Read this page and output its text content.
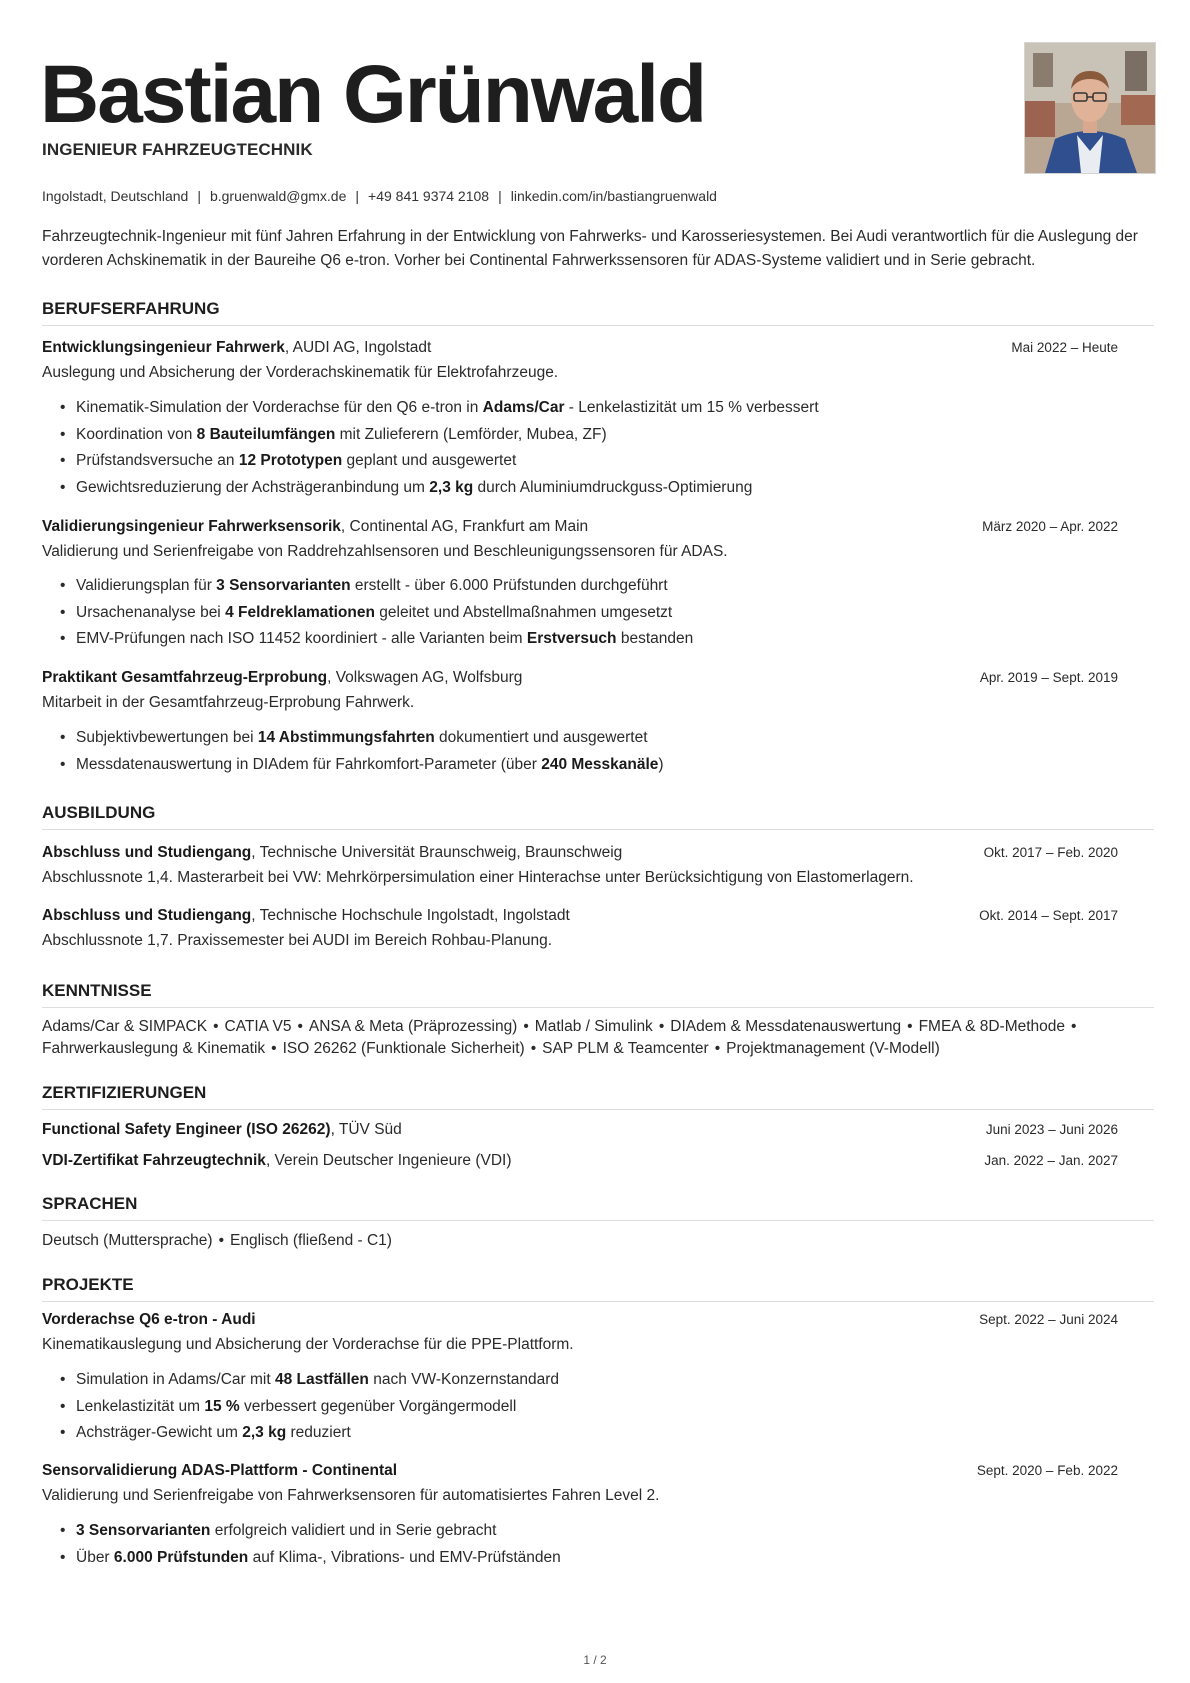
Bastian Grünwald
INGENIEUR FAHRZEUGTECHNIK
Ingolstadt, Deutschland | b.gruenwald@gmx.de | +49 841 9374 2108 | linkedin.com/in/bastiangruenwald

Fahrzeugtechnik-Ingenieur mit fünf Jahren Erfahrung in der Entwicklung von Fahrwerks- und Karosseriesystemen. Bei Audi verantwortlich für die Auslegung der vorderen Achskinematik in der Baureihe Q6 e-tron. Vorher bei Continental Fahrwerkssensoren für ADAS-Systeme validiert und in Serie gebracht.

BERUFSERFAHRUNG
Entwicklungsingenieur Fahrwerk, AUDI AG, Ingolstadt	Mai 2022 – Heute
Auslegung und Absicherung der Vorderachskinematik für Elektrofahrzeuge.
• Kinematik-Simulation der Vorderachse für den Q6 e-tron in Adams/Car - Lenkelastizität um 15 % verbessert
• Koordination von 8 Bauteilumfängen mit Zulieferern (Lemförder, Mubea, ZF)
• Prüfstandsversuche an 12 Prototypen geplant und ausgewertet
• Gewichtsreduzierung der Achsträgeranbindung um 2,3 kg durch Aluminiumdruckguss-Optimierung
Validierungsingenieur Fahrwerksensorik, Continental AG, Frankfurt am Main	März 2020 – Apr. 2022
Validierung und Serienfreigabe von Raddrehzahlsensoren und Beschleunigungssensoren für ADAS.
• Validierungsplan für 3 Sensorvarianten erstellt - über 6.000 Prüfstunden durchgeführt
• Ursachenanalyse bei 4 Feldreklamationen geleitet und Abstellmaßnahmen umgesetzt
• EMV-Prüfungen nach ISO 11452 koordiniert - alle Varianten beim Erstversuch bestanden
Praktikant Gesamtfahrzeug-Erprobung, Volkswagen AG, Wolfsburg	Apr. 2019 – Sept. 2019
Mitarbeit in der Gesamtfahrzeug-Erprobung Fahrwerk.
• Subjektivbewertungen bei 14 Abstimmungsfahrten dokumentiert und ausgewertet
• Messdatenauswertung in DIAdem für Fahrkomfort-Parameter (über 240 Messkanäle)
AUSBILDUNG
Abschluss und Studiengang, Technische Universität Braunschweig, Braunschweig	Okt. 2017 – Feb. 2020
Abschlussnote 1,4. Masterarbeit bei VW: Mehrkörpersimulation einer Hinterachse unter Berücksichtigung von Elastomerlagern.
Abschluss und Studiengang, Technische Hochschule Ingolstadt, Ingolstadt	Okt. 2014 – Sept. 2017
Abschlussnote 1,7. Praxissemester bei AUDI im Bereich Rohbau-Planung.
KENNTNISSE
Adams/Car & SIMPACK • CATIA V5 • ANSA & Meta (Präprozessing) • Matlab / Simulink • DIAdem & Messdatenauswertung • FMEA & 8D-Methode •
Fahrwerkauslegung & Kinematik • ISO 26262 (Funktionale Sicherheit) • SAP PLM & Teamcenter • Projektmanagement (V-Modell)
ZERTIFIZIERUNGEN
Functional Safety Engineer (ISO 26262), TÜV Süd	Juni 2023 – Juni 2026
VDI-Zertifikat Fahrzeugtechnik, Verein Deutscher Ingenieure (VDI)	Jan. 2022 – Jan. 2027
SPRACHEN
Deutsch (Muttersprache) • Englisch (fließend - C1)
PROJEKTE
Vorderachse Q6 e-tron - Audi	Sept. 2022 – Juni 2024
Kinematikauslegung und Absicherung der Vorderachse für die PPE-Plattform.
• Simulation in Adams/Car mit 48 Lastfällen nach VW-Konzernstandard
• Lenkelastizität um 15 % verbessert gegenüber Vorgängermodell
• Achsträger-Gewicht um 2,3 kg reduziert
Sensorvalidierung ADAS-Plattform - Continental	Sept. 2020 – Feb. 2022
Validierung und Serienfreigabe von Fahrwerksensoren für automatisiertes Fahren Level 2.
• 3 Sensorvarianten erfolgreich validiert und in Serie gebracht
• Über 6.000 Prüfstunden auf Klima-, Vibrations- und EMV-Prüfständen
1 / 2
